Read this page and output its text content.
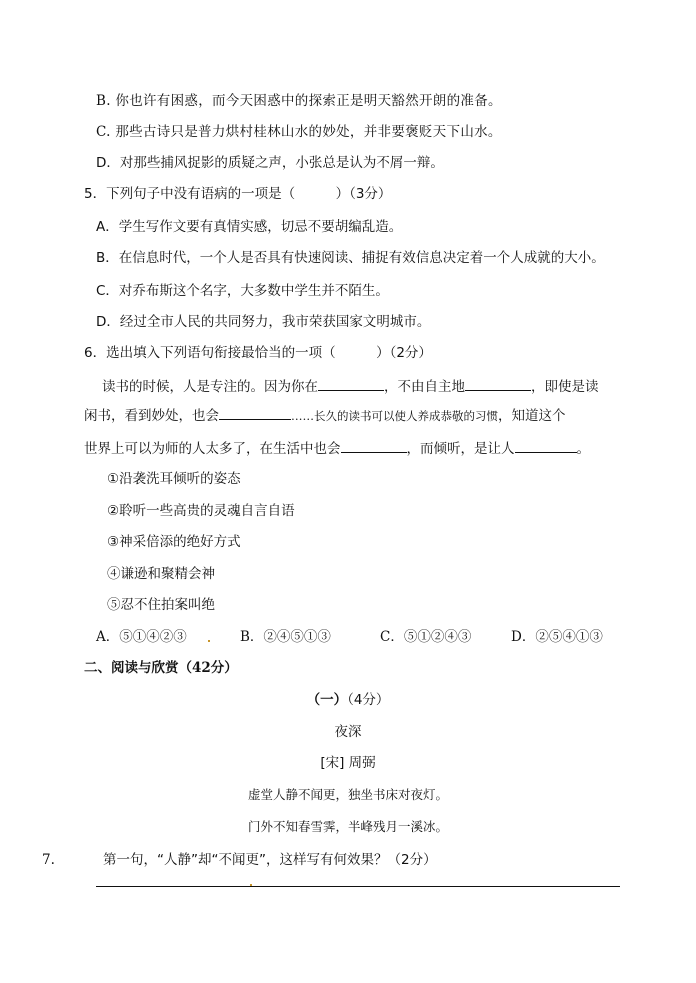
B. 你也许有困惑，而今天困惑中的探索正是明天豁然开朗的准备。
C. 那些古诗只是普力烘村桂林山水的妙处，并非要褒贬天下山水。
D．对那些捕风捉影的质疑之声，小张总是认为不屑一辩。
5．下列句子中没有语病的一项是（　　　）（3分）
A．学生写作文要有真情实感，切忌不要胡编乱造。
B．在信息时代，一个人是否具有快速阅读、捕捉有效信息决定着一个人成就的大小。
C．对乔布斯这个名字，大多数中学生并不陌生。
D．经过全市人民的共同努力，我市荣获国家文明城市。
6．选出填入下列语句衔接最恰当的一项（　　　）（2分）
读书的时候，人是专注的。因为你在	，不由自主地	，即使是读
闲书，看到妙处，也会	……长久的读书可以使人养成恭敬的习惯，知道这个
世界上可以为师的人太多了，在生活中也会	，而倾听，是让人	。
①沿袭洗耳倾听的姿态
②聆听一些高贵的灵魂自言自语
③神采倍添的绝好方式
④谦逊和聚精会神
⑤忍不住拍案叫绝
A．⑤①④②③	B．②④⑤①③	C．⑤①②④③	D．②⑤④①③
二、阅读与欣赏（42分）
（一）（4分）
夜深
[宋] 周弼
虚堂人静不闻更，独坐书床对夜灯。
门外不知春雪霁，半峰残月一溪冰。
7.	第一句，“人静”却“不闻更”，这样写有何效果？（2分）
